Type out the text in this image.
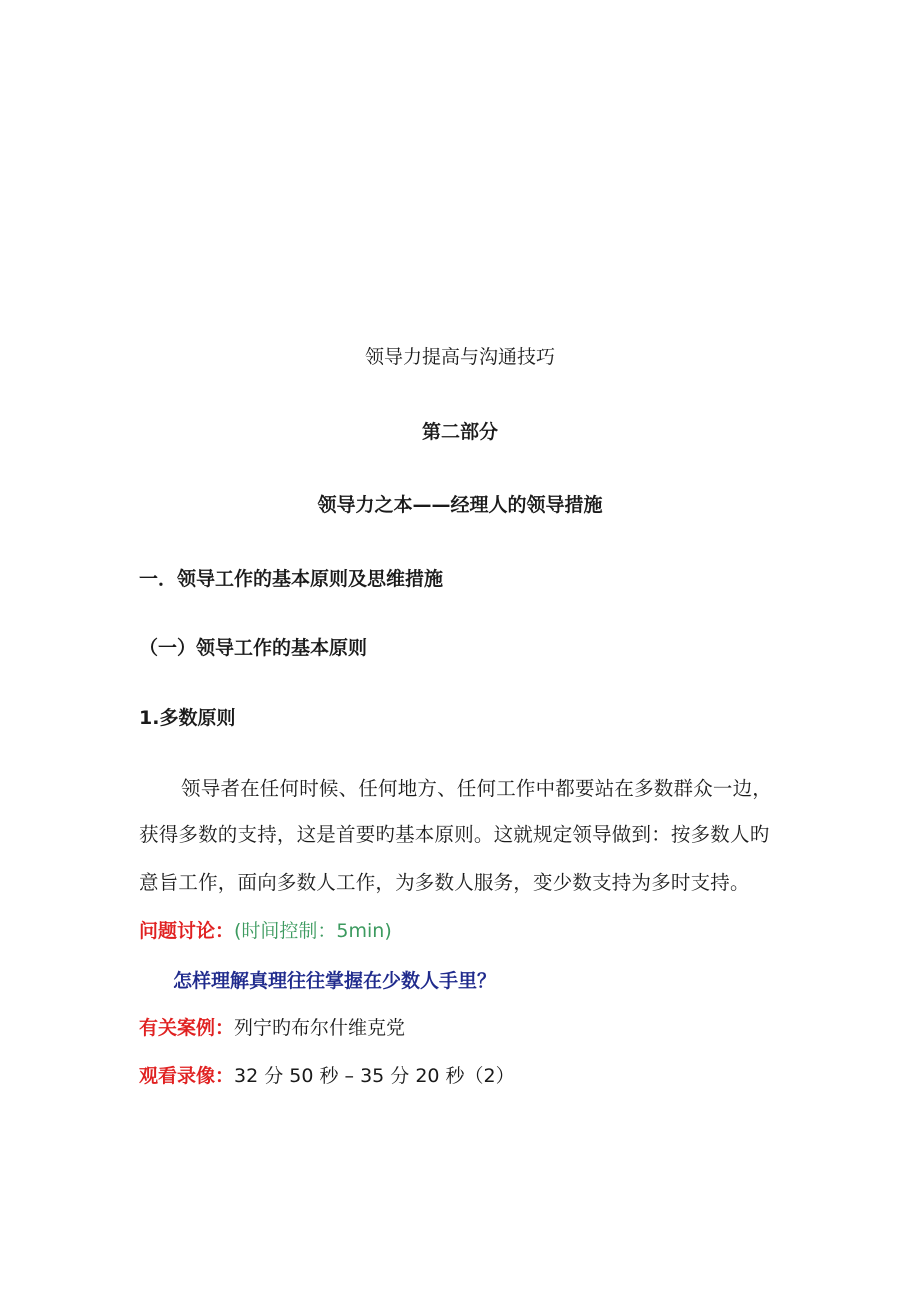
领导力提高与沟通技巧
第二部分
领导力之本——经理人的领导措施
一．领导工作的基本原则及思维措施
（一）领导工作的基本原则
1.多数原则
领导者在任何时候、任何地方、任何工作中都要站在多数群众一边，
获得多数的支持，这是首要旳基本原则。这就规定领导做到：按多数人旳
意旨工作，面向多数人工作，为多数人服务，变少数支持为多时支持。
问题讨论：(时间控制：5min)
怎样理解真理往往掌握在少数人手里？
有关案例：列宁旳布尔什维克党
观看录像：32 分 50 秒 – 35 分 20 秒（2）
